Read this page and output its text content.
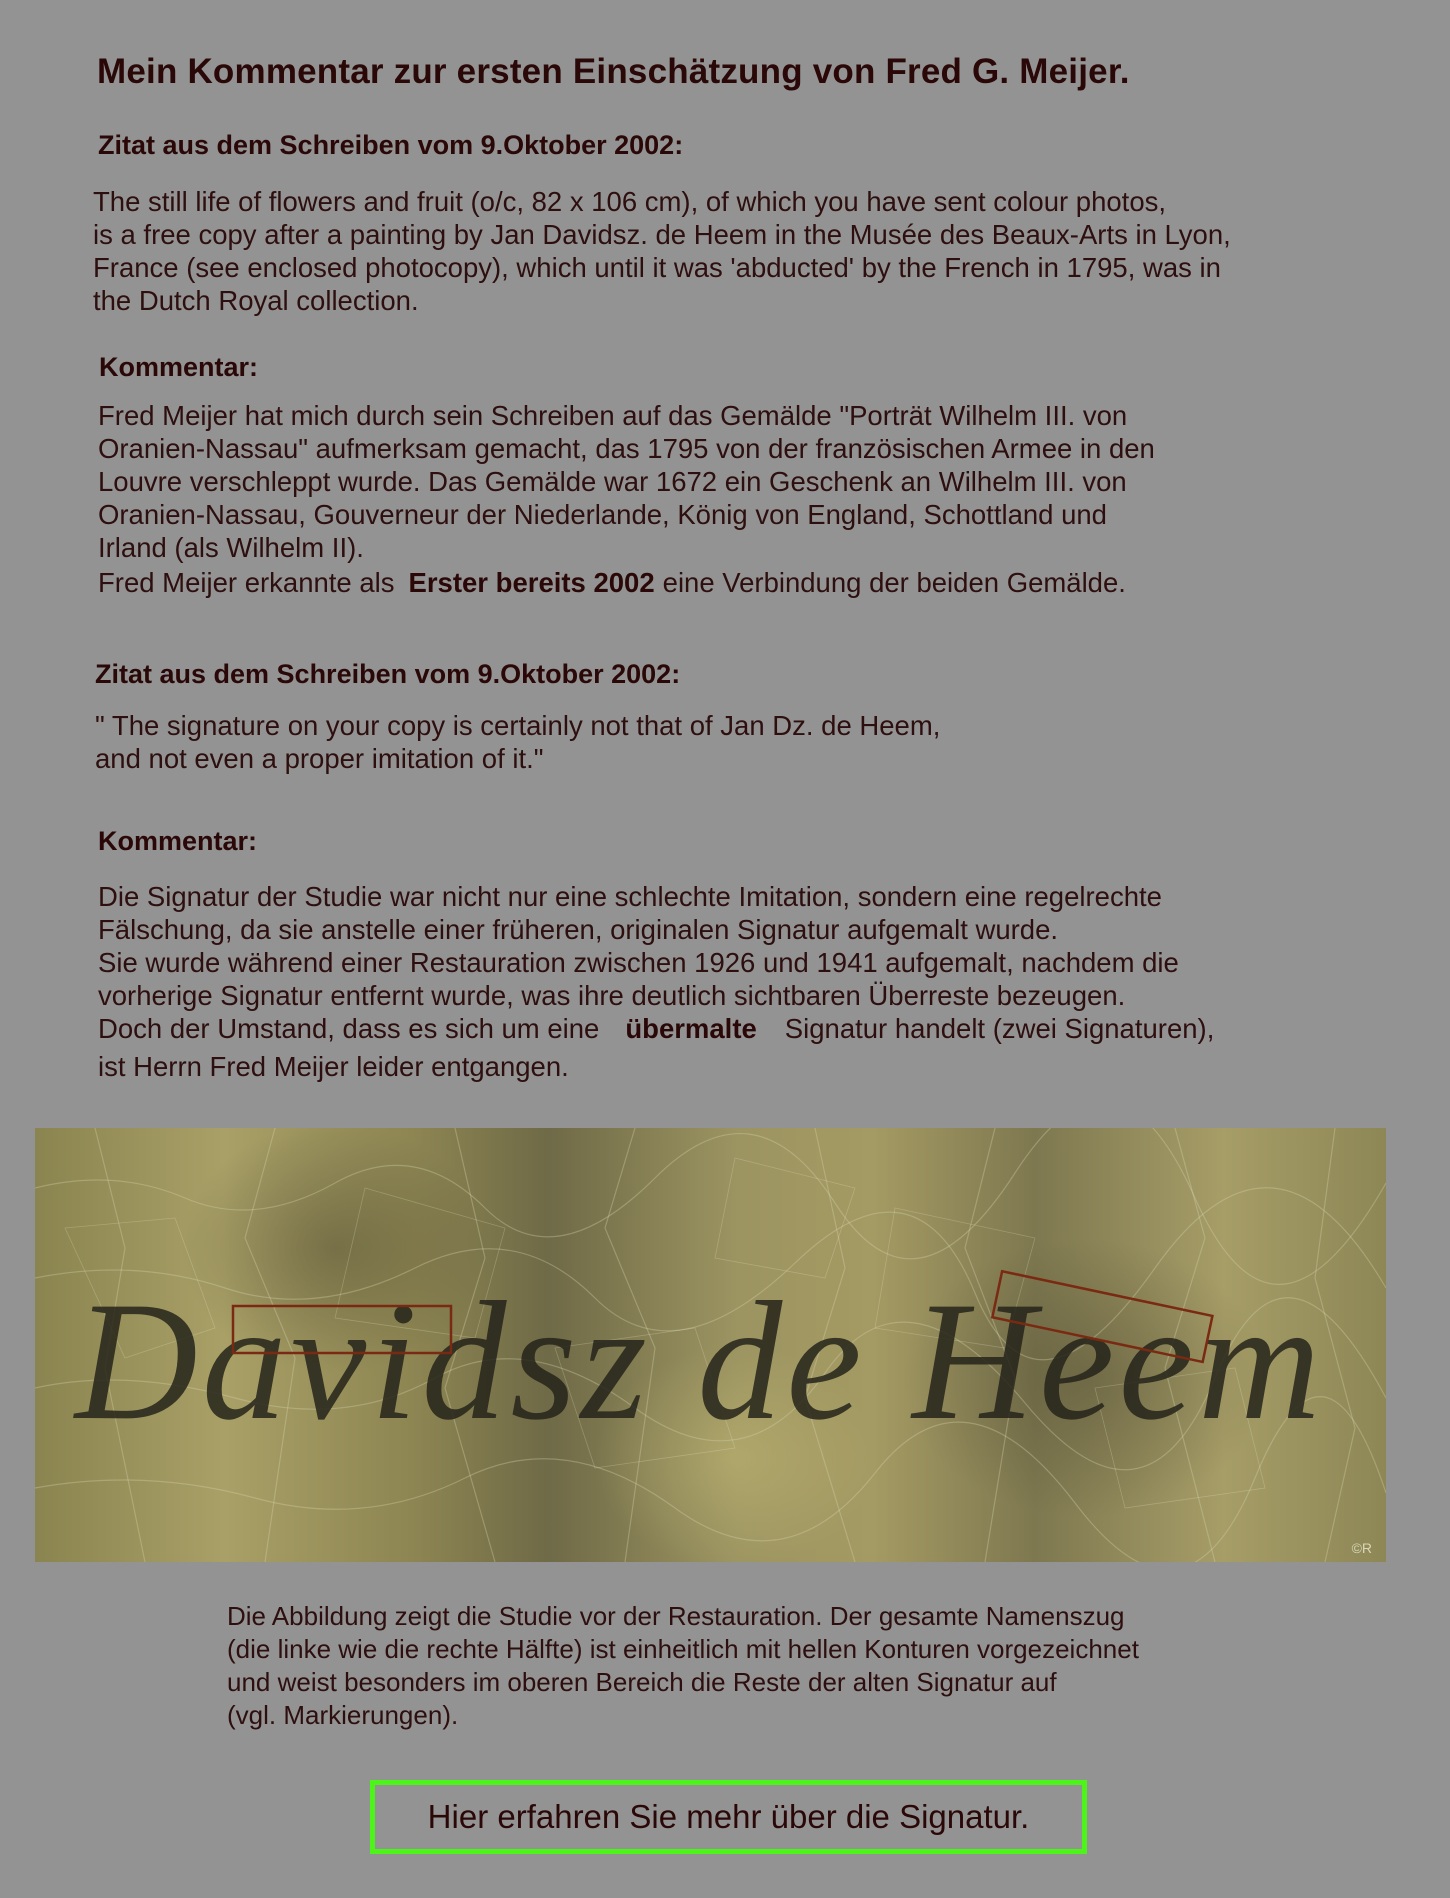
Mein Kommentar zur ersten Einschätzung von Fred G. Meijer.
Zitat aus dem Schreiben vom 9.Oktober 2002:
The still life of flowers and fruit (o/c, 82 x 106 cm), of which you have sent colour photos,
is a free copy after a painting by Jan Davidsz. de Heem in the Musée des Beaux-Arts in Lyon,
France (see enclosed photocopy), which until it was 'abducted' by the French in 1795, was in
the Dutch Royal collection.
Kommentar:
Fred Meijer hat mich durch sein Schreiben auf das Gemälde "Porträt Wilhelm III. von
Oranien-Nassau" aufmerksam gemacht, das 1795 von der französischen Armee in den
Louvre verschleppt wurde. Das Gemälde war 1672 ein Geschenk an Wilhelm III. von
Oranien-Nassau, Gouverneur der Niederlande, König von England, Schottland und
Irland (als Wilhelm II).
Fred Meijer erkannte als Erster bereits 2002 eine Verbindung der beiden Gemälde.
Zitat aus dem Schreiben vom 9.Oktober 2002:
" The signature on your copy is certainly not that of Jan Dz. de Heem,
and not even a proper imitation of it."
Kommentar:
Die Signatur der Studie war nicht nur eine schlechte Imitation, sondern eine regelrechte
Fälschung, da sie anstelle einer früheren, originalen Signatur aufgemalt wurde.
Sie wurde während einer Restauration zwischen 1926 und 1941 aufgemalt, nachdem die
vorherige Signatur entfernt wurde, was ihre deutlich sichtbaren Überreste bezeugen.
Doch der Umstand, dass es sich um eine übermalte Signatur handelt (zwei Signaturen),
ist Herrn Fred Meijer leider entgangen.
Davidsz de Heem
©R
Die Abbildung zeigt die Studie vor der Restauration. Der gesamte Namenszug
(die linke wie die rechte Hälfte) ist einheitlich mit hellen Konturen vorgezeichnet
und weist besonders im oberen Bereich die Reste der alten Signatur auf
(vgl. Markierungen).
Hier erfahren Sie mehr über die Signatur.
